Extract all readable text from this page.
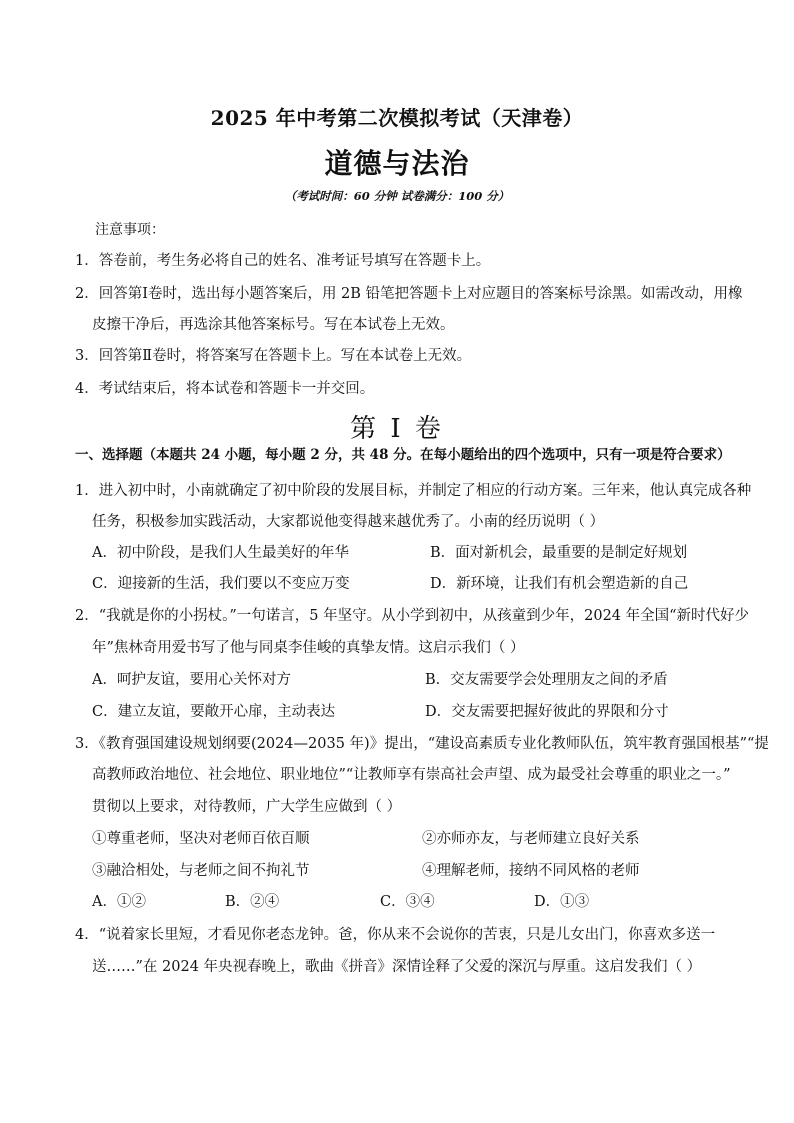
2025 年中考第二次模拟考试（天津卷）
道德与法治
（考试时间：60 分钟 试卷满分：100 分）
注意事项：
1．答卷前，考生务必将自己的姓名、准考证号填写在答题卡上。
2．回答第Ⅰ卷时，选出每小题答案后，用 2B 铅笔把答题卡上对应题目的答案标号涂黑。如需改动，用橡
皮擦干净后，再选涂其他答案标号。写在本试卷上无效。
3．回答第Ⅱ卷时，将答案写在答题卡上。写在本试卷上无效。
4．考试结束后，将本试卷和答题卡一并交回。
第 I 卷
一、选择题（本题共 24 小题，每小题 2 分，共 48 分。在每小题给出的四个选项中，只有一项是符合要求）
1．进入初中时，小南就确定了初中阶段的发展目标，并制定了相应的行动方案。三年来，他认真完成各种
任务，积极参加实践活动，大家都说他变得越来越优秀了。小南的经历说明（ ）
A．初中阶段，是我们人生最美好的年华	B．面对新机会，最重要的是制定好规划
C．迎接新的生活，我们要以不变应万变	D．新环境，让我们有机会塑造新的自己
2．“我就是你的小拐杖。”一句诺言，5 年坚守。从小学到初中，从孩童到少年，2024 年全国“新时代好少
年”焦林奇用爱书写了他与同桌李佳峻的真挚友情。这启示我们（ ）
A．呵护友谊，要用心关怀对方	B．交友需要学会处理朋友之间的矛盾
C．建立友谊，要敞开心扉，主动表达	D．交友需要把握好彼此的界限和分寸
3．《教育强国建设规划纲要(2024—2035 年)》提出，“建设高素质专业化教师队伍，筑牢教育强国根基”“提
高教师政治地位、社会地位、职业地位”“让教师享有崇高社会声望、成为最受社会尊重的职业之一。”
贯彻以上要求，对待教师，广大学生应做到（ ）
①尊重老师，坚决对老师百依百顺	②亦师亦友，与老师建立良好关系
③融洽相处，与老师之间不拘礼节	④理解老师，接纳不同风格的老师
A．①②	B．②④	C．③④	D．①③
4．“说着家长里短，才看见你老态龙钟。爸，你从来不会说你的苦衷，只是儿女出门，你喜欢多送一
送……”在 2024 年央视春晚上，歌曲《拼音》深情诠释了父爱的深沉与厚重。这启发我们（ ）
